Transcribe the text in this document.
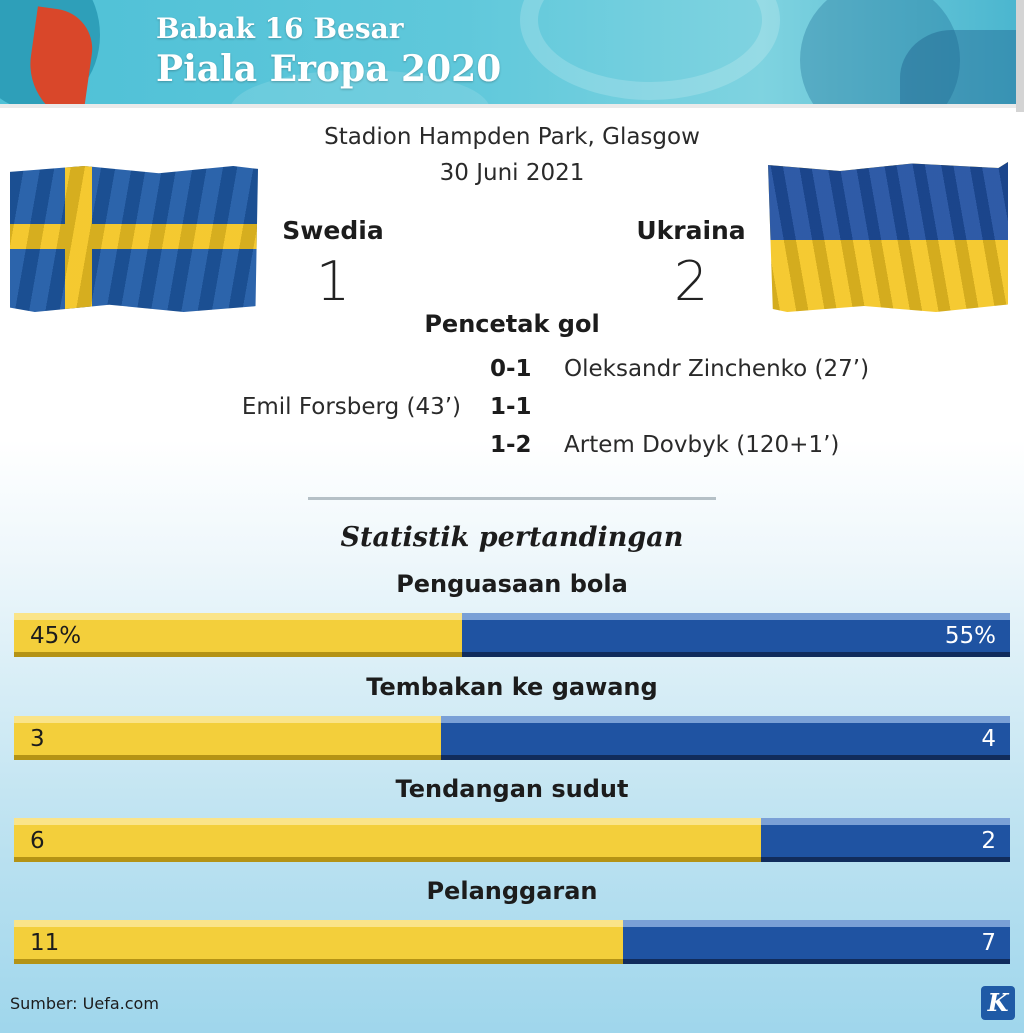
Babak 16 Besar
Piala Eropa 2020
Stadion Hampden Park, Glasgow
30 Juni 2021
Swedia
1
Ukraina
2
Pencetak gol
0-1	Oleksandr Zinchenko (27’)
Emil Forsberg (43’) 1-1
1-2	Artem Dovbyk (120+1’)
Statistik pertandingan
Penguasaan bola
45%	55%
Tembakan ke gawang
3	4
Tendangan sudut
6	2
Pelanggaran
11	7
Sumber: Uefa.com	K
